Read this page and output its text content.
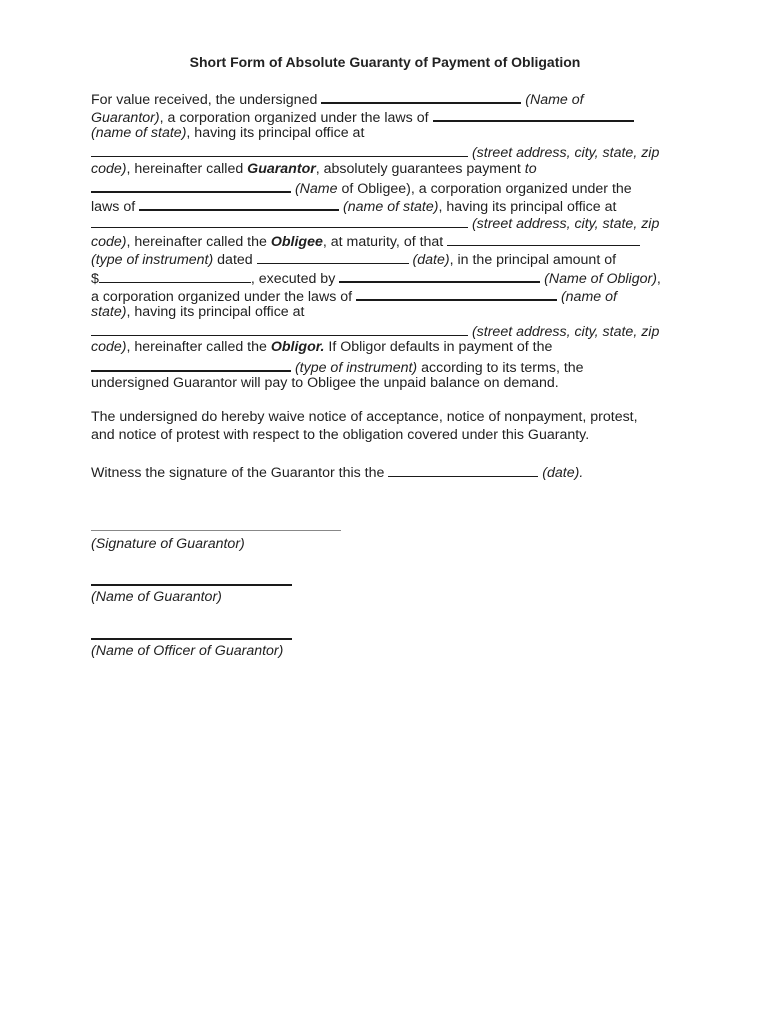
Short Form of Absolute Guaranty of Payment of Obligation
For value received, the undersigned	(Name of
Guarantor), a corporation organized under the laws of
(name of state), having its principal office at
(street address, city, state, zip
code), hereinafter called Guarantor, absolutely guarantees payment to
(Name of Obligee), a corporation organized under the
laws of	(name of state), having its principal office at
(street address, city, state, zip
code), hereinafter called the Obligee, at maturity, of that
(type of instrument) dated	(date), in the principal amount of
$	, executed by	(Name of Obligor),
a corporation organized under the laws of	(name of
state), having its principal office at
(street address, city, state, zip
code), hereinafter called the Obligor. If Obligor defaults in payment of the
(type of instrument) according to its terms, the
undersigned Guarantor will pay to Obligee the unpaid balance on demand.
The undersigned do hereby waive notice of acceptance, notice of nonpayment, protest,
and notice of protest with respect to the obligation covered under this Guaranty.
Witness the signature of the Guarantor this the	(date).
(Signature of Guarantor)
(Name of Guarantor)
(Name of Officer of Guarantor)
